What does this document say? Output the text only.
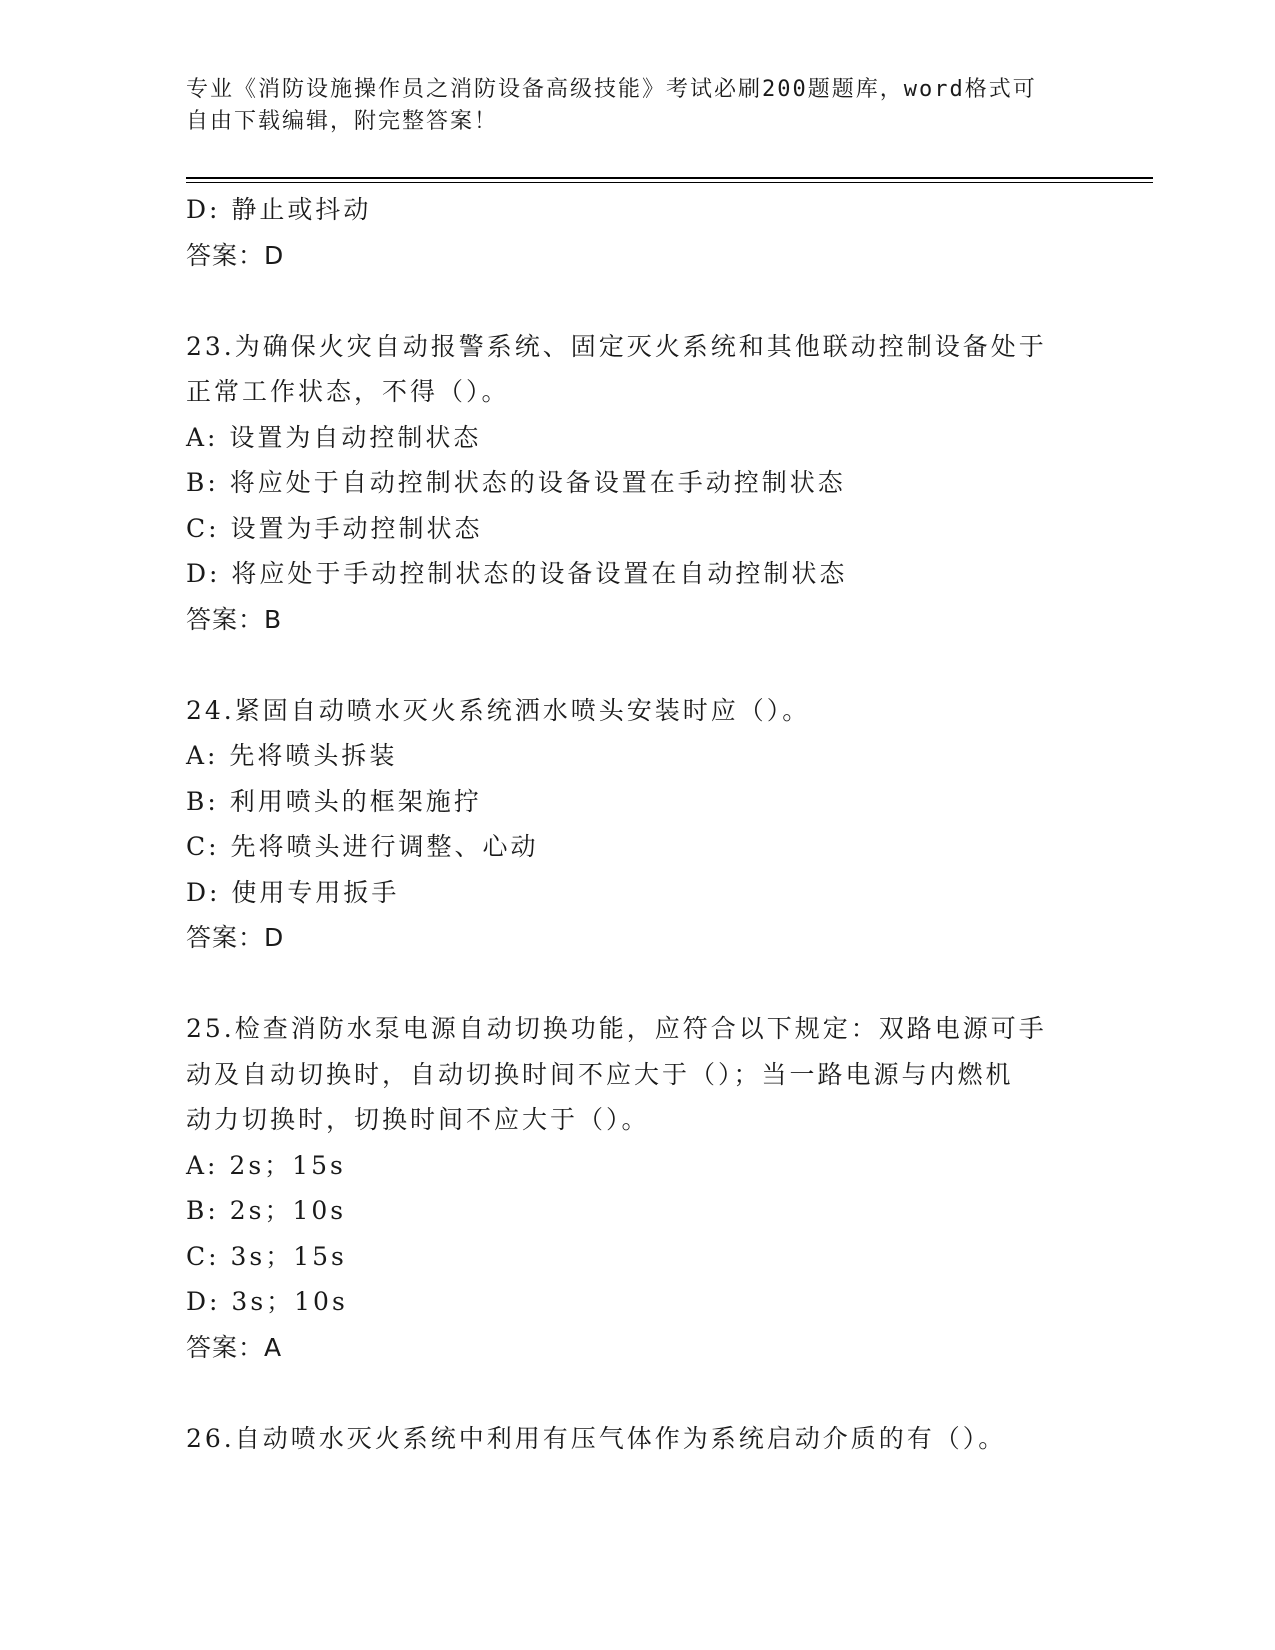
专业《消防设施操作员之消防设备高级技能》考试必刷200题题库，word格式可
自由下载编辑，附完整答案！
D: 静止或抖动
答案：D
23.为确保火灾自动报警系统、固定灭火系统和其他联动控制设备处于
正常工作状态，不得（）。
A: 设置为自动控制状态
B: 将应处于自动控制状态的设备设置在手动控制状态
C: 设置为手动控制状态
D: 将应处于手动控制状态的设备设置在自动控制状态
答案：B
24.紧固自动喷水灭火系统洒水喷头安装时应（）。
A: 先将喷头拆装
B: 利用喷头的框架施拧
C: 先将喷头进行调整、心动
D: 使用专用扳手
答案：D
25.检查消防水泵电源自动切换功能，应符合以下规定：双路电源可手
动及自动切换时，自动切换时间不应大于（）；当一路电源与内燃机
动力切换时，切换时间不应大于（）。
A: 2s；15s
B: 2s；10s
C: 3s；15s
D: 3s；10s
答案：A
26.自动喷水灭火系统中利用有压气体作为系统启动介质的有（）。
